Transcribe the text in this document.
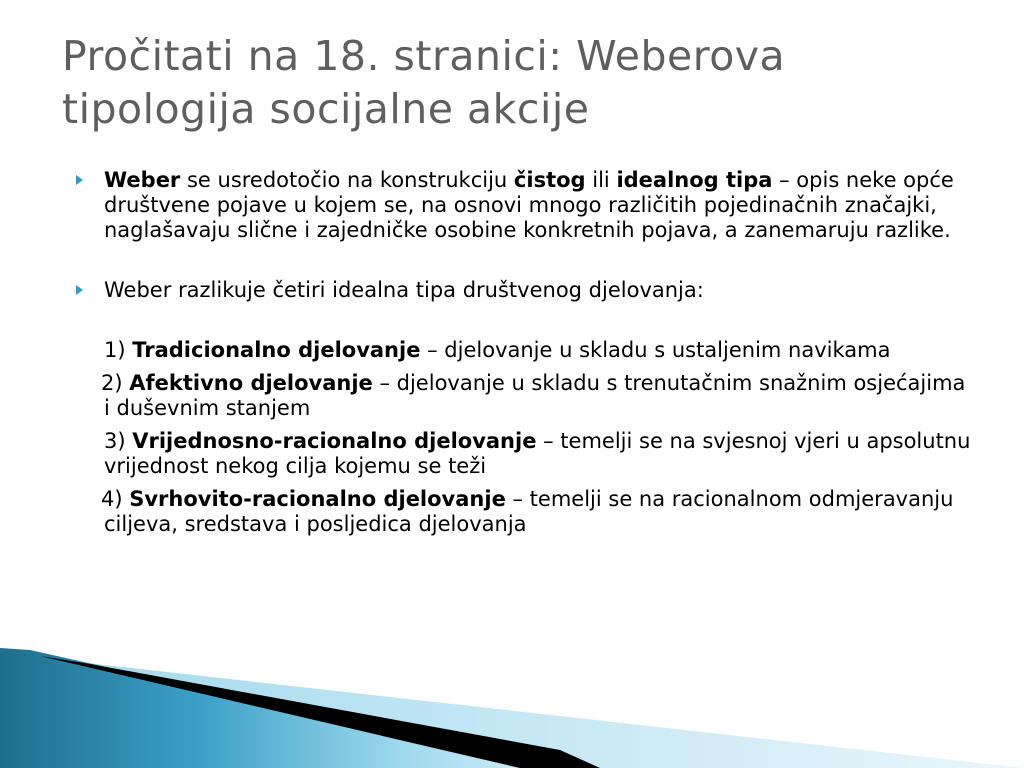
Pročitati na 18. stranici: Weberova tipologija socijalne akcije

Weber se usredotočio na konstrukciju čistog ili idealnog tipa – opis neke opće društvene pojave u kojem se, na osnovi mnogo različitih pojedinačnih značajki, naglašavaju slične i zajedničke osobine konkretnih pojava, a zanemaruju razlike.

Weber razlikuje četiri idealna tipa društvenog djelovanja:

1) Tradicionalno djelovanje – djelovanje u skladu s ustaljenim navikama

2) Afektivno djelovanje – djelovanje u skladu s trenutačnim snažnim osjećajima i duševnim stanjem

3) Vrijednosno-racionalno djelovanje – temelji se na svjesnoj vjeri u apsolutnu vrijednost nekog cilja kojemu se teži

4) Svrhovito-racionalno djelovanje – temelji se na racionalnom odmjeravanju ciljeva, sredstava i posljedica djelovanja
